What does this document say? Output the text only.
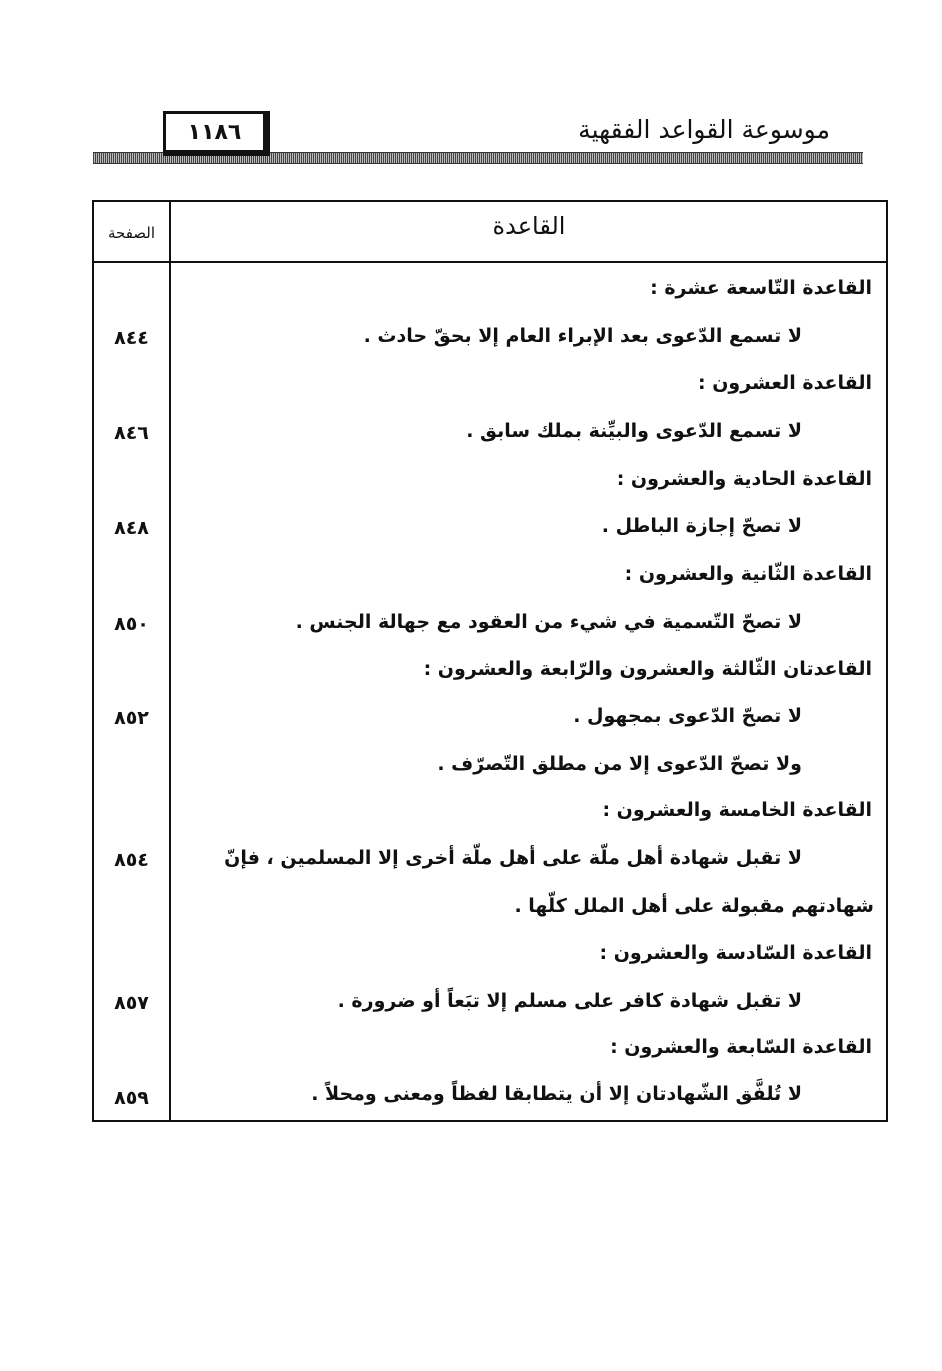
موسوعة القواعد الفقهية
١١٨٦
القاعدة
الصفحة
القاعدة التّاسعة عشرة :
لا تسمع الدّعوى بعد الإبراء العام إلا بحقّ حادث .
٨٤٤
القاعدة العشرون :
لا تسمع الدّعوى والبيِّنة بملك سابق .
٨٤٦
القاعدة الحادية والعشرون :
لا تصحّ إجازة الباطل .
٨٤٨
القاعدة الثّانية والعشرون :
لا تصحّ التّسمية في شيء من العقود مع جهالة الجنس .
٨٥٠
القاعدتان الثّالثة والعشرون والرّابعة والعشرون :
لا تصحّ الدّعوى بمجهول .
٨٥٢
ولا تصحّ الدّعوى إلا من مطلق التّصرّف .
القاعدة الخامسة والعشرون :
لا تقبل شهادة أهل ملّة على أهل ملّة أخرى إلا المسلمين ، فإنّ
٨٥٤
شهادتهم مقبولة على أهل الملل كلّها .
القاعدة السّادسة والعشرون :
لا تقبل شهادة كافر على مسلم إلا تبَعاً أو ضرورة .
٨٥٧
القاعدة السّابعة والعشرون :
لا تُلفَّق الشّهادتان إلا أن يتطابقا لفظاً ومعنى ومحلاً .
٨٥٩
